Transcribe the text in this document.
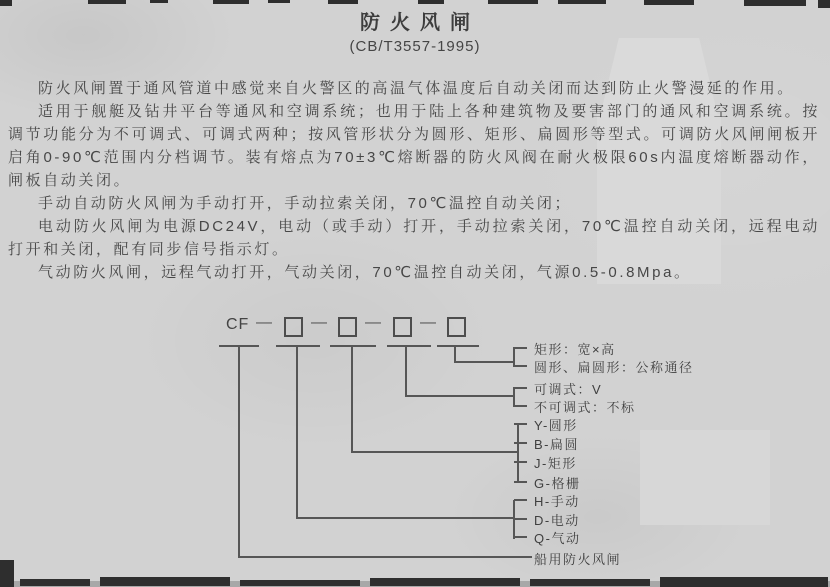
防火风闸
(CB/T3557-1995)

防火风闸置于通风管道中感觉来自火警区的高温气体温度后自动关闭而达到防止火警漫延的作用。

适用于舰艇及钻井平台等通风和空调系统；也用于陆上各种建筑物及要害部门的通风和空调系统。按调节功能分为不可调式、可调式两种；按风管形状分为圆形、矩形、扁圆形等型式。可调防火风闸闸板开启角0-90℃范围内分档调节。装有熔点为70±3℃熔断器的防火风阀在耐火极限60s内温度熔断器动作，闸板自动关闭。

手动自动防火风闸为手动打开，手动拉索关闭，70℃温控自动关闭；

电动防火风闸为电源DC24V，电动（或手动）打开，手动拉索关闭，70℃温控自动关闭，远程电动打开和关闭，配有同步信号指示灯。

气动防火风闸，远程气动打开，气动关闭，70℃温控自动关闭，气源0.5-0.8Mpa。

CF — — — —
矩形：宽×高
圆形、扁圆形：公称通径
可调式：V
不可调式：不标
Y-圆形
B-扁圆
J-矩形
G-格栅
H-手动
D-电动
Q-气动
船用防火风闸
